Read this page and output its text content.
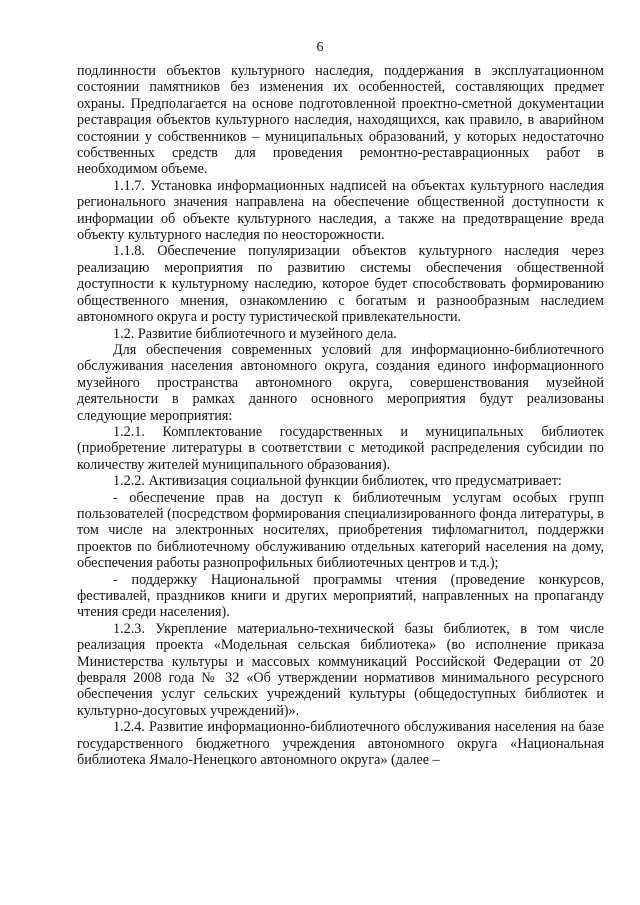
6

подлинности объектов культурного наследия, поддержания в эксплуатационном состоянии памятников без изменения их особенностей, составляющих предмет охраны. Предполагается на основе подготовленной проектно-сметной документации реставрация объектов культурного наследия, находящихся, как правило, в аварийном состоянии у собственников – муниципальных образований, у которых недостаточно собственных средств для проведения ремонтно-реставрационных работ в необходимом объеме.

1.1.7. Установка информационных надписей на объектах культурного наследия регионального значения направлена на обеспечение общественной доступности к информации об объекте культурного наследия, а также на предотвращение вреда объекту культурного наследия по неосторожности.

1.1.8. Обеспечение популяризации объектов культурного наследия через реализацию мероприятия по развитию системы обеспечения общественной доступности к культурному наследию, которое будет способствовать формированию общественного мнения, ознакомлению с богатым и разнообразным наследием автономного округа и росту туристической привлекательности.

1.2. Развитие библиотечного и музейного дела.

Для обеспечения современных условий для информационно-библиотечного обслуживания населения автономного округа, создания единого информационного музейного пространства автономного округа, совершенствования музейной деятельности в рамках данного основного мероприятия будут реализованы следующие мероприятия:

1.2.1. Комплектование государственных и муниципальных библиотек (приобретение литературы в соответствии с методикой распределения субсидии по количеству жителей муниципального образования).

1.2.2. Активизация социальной функции библиотек, что предусматривает:

- обеспечение прав на доступ к библиотечным услугам особых групп пользователей (посредством формирования специализированного фонда литературы, в том числе на электронных носителях, приобретения тифломагнитол, поддержки проектов по библиотечному обслуживанию отдельных категорий населения на дому, обеспечения работы разнопрофильных библиотечных центров и т.д.);

- поддержку Национальной программы чтения (проведение конкурсов, фестивалей, праздников книги и других мероприятий, направленных на пропаганду чтения среди населения).

1.2.3. Укрепление материально-технической базы библиотек, в том числе реализация проекта «Модельная сельская библиотека» (во исполнение приказа Министерства культуры и массовых коммуникаций Российской Федерации от 20 февраля 2008 года № 32 «Об утверждении нормативов минимального ресурсного обеспечения услуг сельских учреждений культуры (общедоступных библиотек и культурно-досуговых учреждений)».

1.2.4. Развитие информационно-библиотечного обслуживания населения на базе государственного бюджетного учреждения автономного округа «Национальная библиотека Ямало-Ненецкого автономного округа» (далее –
